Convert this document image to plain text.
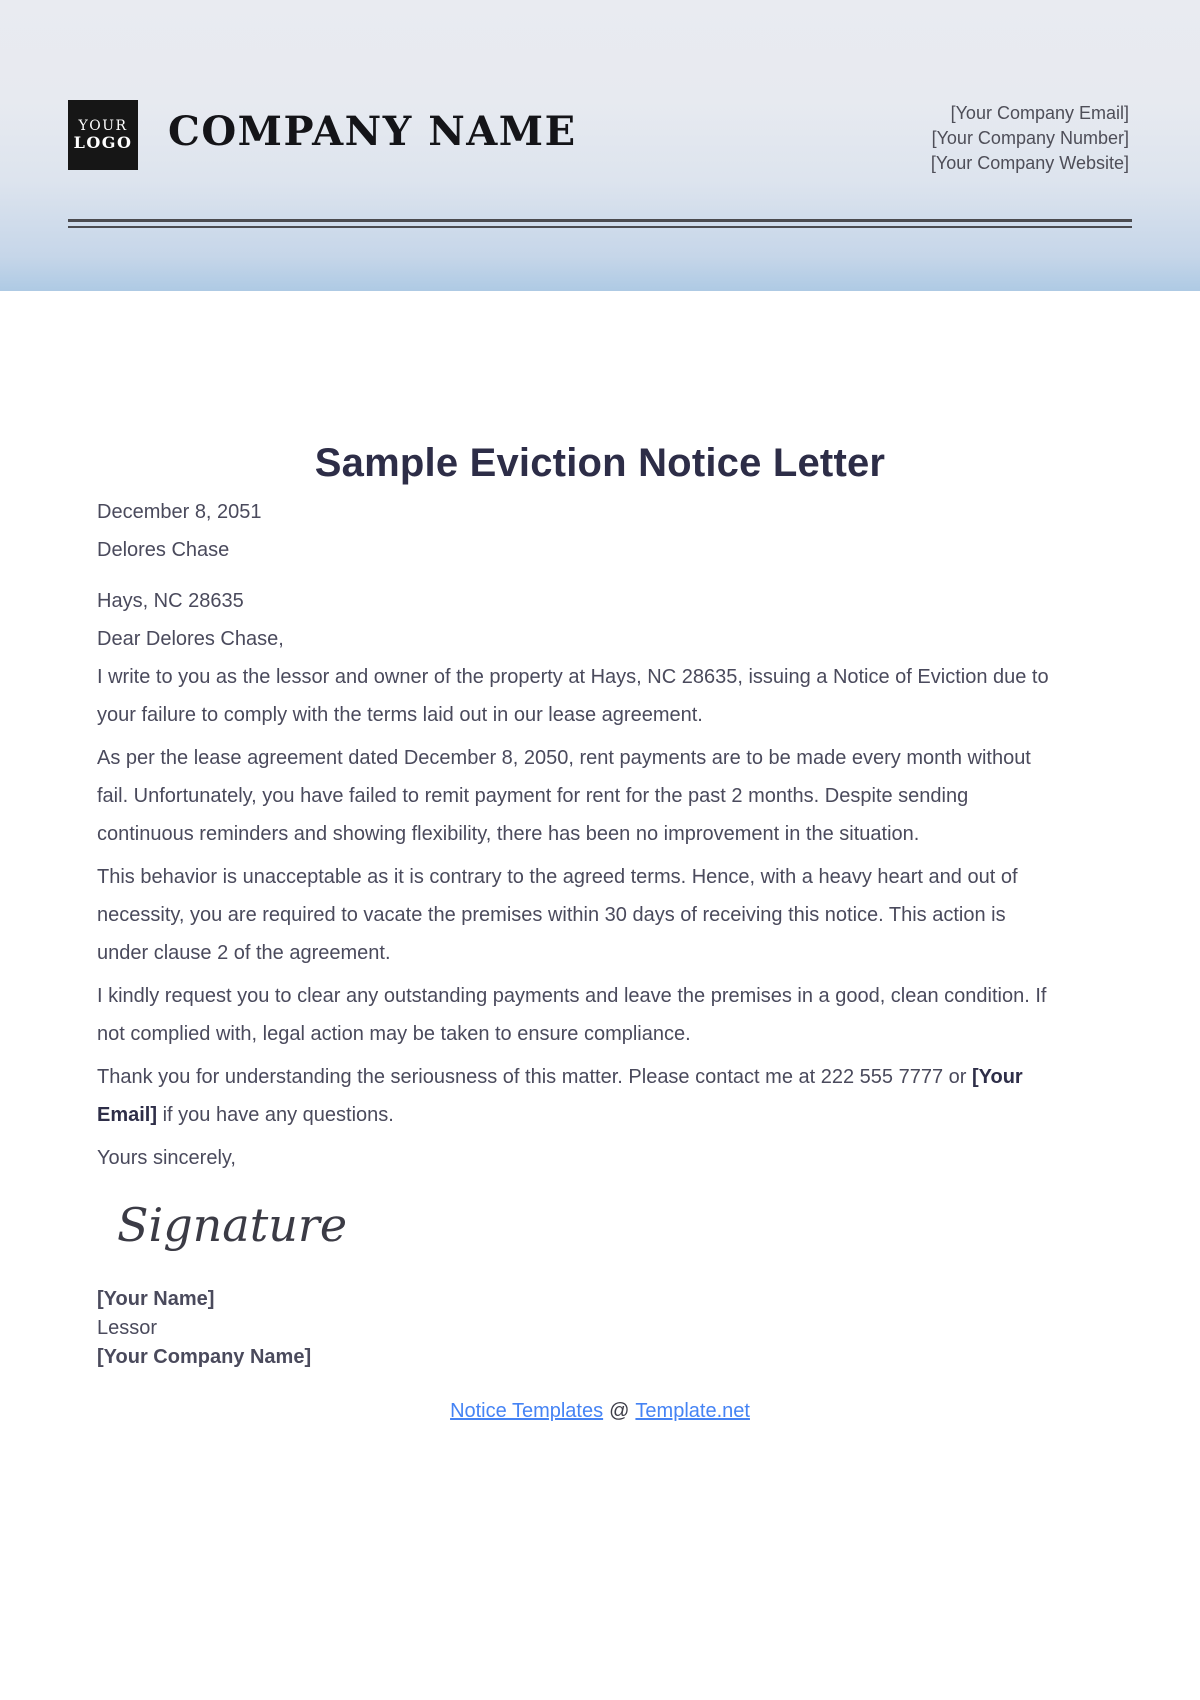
YOUR
LOGO COMPANY NAME	[Your Company Email]
[Your Company Number]
[Your Company Website]
Sample Eviction Notice Letter

December 8, 2051

Delores Chase

Hays, NC 28635

Dear Delores Chase,

I write to you as the lessor and owner of the property at Hays, NC 28635, issuing a Notice of Eviction due to your failure to comply with the terms laid out in our lease agreement.

As per the lease agreement dated December 8, 2050, rent payments are to be made every month without fail. Unfortunately, you have failed to remit payment for rent for the past 2 months. Despite sending continuous reminders and showing flexibility, there has been no improvement in the situation.

This behavior is unacceptable as it is contrary to the agreed terms. Hence, with a heavy heart and out of necessity, you are required to vacate the premises within 30 days of receiving this notice. This action is under clause 2 of the agreement.

I kindly request you to clear any outstanding payments and leave the premises in a good, clean condition. If not complied with, legal action may be taken to ensure compliance.

Thank you for understanding the seriousness of this matter. Please contact me at 222 555 7777 or [Your Email] if you have any questions.

Yours sincerely,

Signature

[Your Name]

Lessor

[Your Company Name]

Notice Templates @ Template.net
